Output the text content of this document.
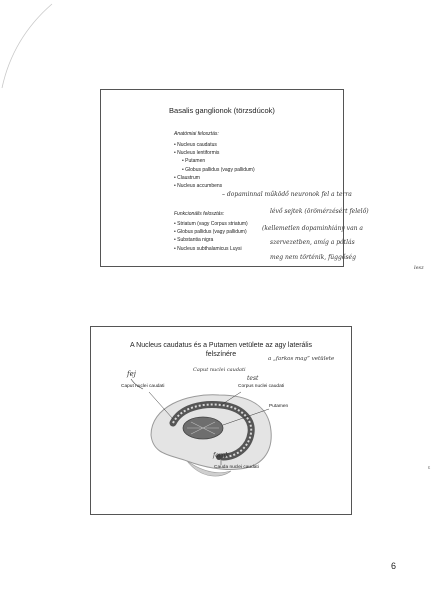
Basalis ganglionok (törzsdúcok)
Anatómiai felosztás:
• Nucleus caudatus
• Nucleus lentiformis
• Putamen
• Globus pallidus (vagy pallidum)
• Claustrum
• Nucleus accumbens
Funkcionális felosztás:
• Striatum (vagy Corpus striatum)
• Globus pallidus (vagy pallidum)
• Substantia nigra
• Nucleus subthalamicus Luysi
– dopaminnal működő neuronok fel a terra
lévő sejtek (örömérzésért felelő)
(kellemetlen dopaminhiány van a
szervezetben, amíg a pótlás
meg nem történik, függőség
lesz
A Nucleus caudatus és a Putamen vetülete az agy laterális
felszínére
Caput nuclei caudati	Corpus nuclei caudati
Putamen
Cauda nuclei caudati
fej	Caput nuclei caudati
test
farok
a „farkos mag” vetülete
6
ε
